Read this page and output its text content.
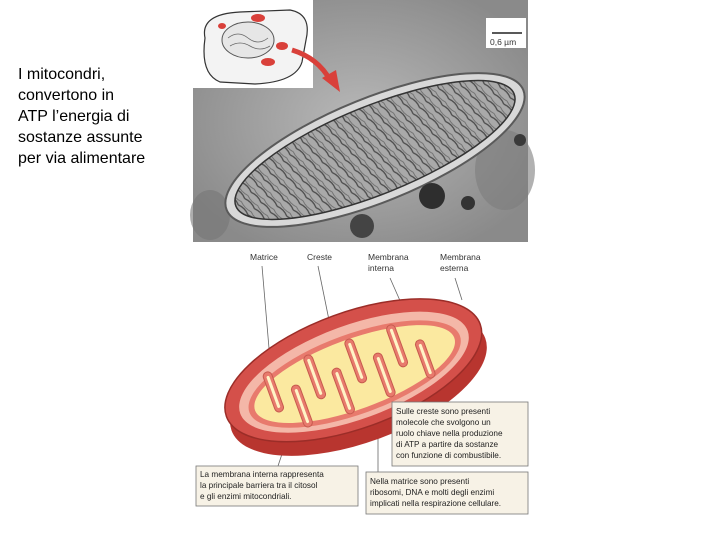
I mitocondri,
convertono in
ATP l’energia di
sostanze assunte
per via alimentare
0,6 µm
Matrice	Creste	Membrana
interna
Membrana
esterna
Sulle creste sono presenti
molecole che svolgono un
ruolo chiave nella produzione
di ATP a partire da sostanze
con funzione di combustibile.
La membrana interna rappresenta
la principale barriera tra il citosol
e gli enzimi mitocondriali.
Nella matrice sono presenti
ribosomi, DNA e molti degli enzimi
implicati nella respirazione cellulare.
